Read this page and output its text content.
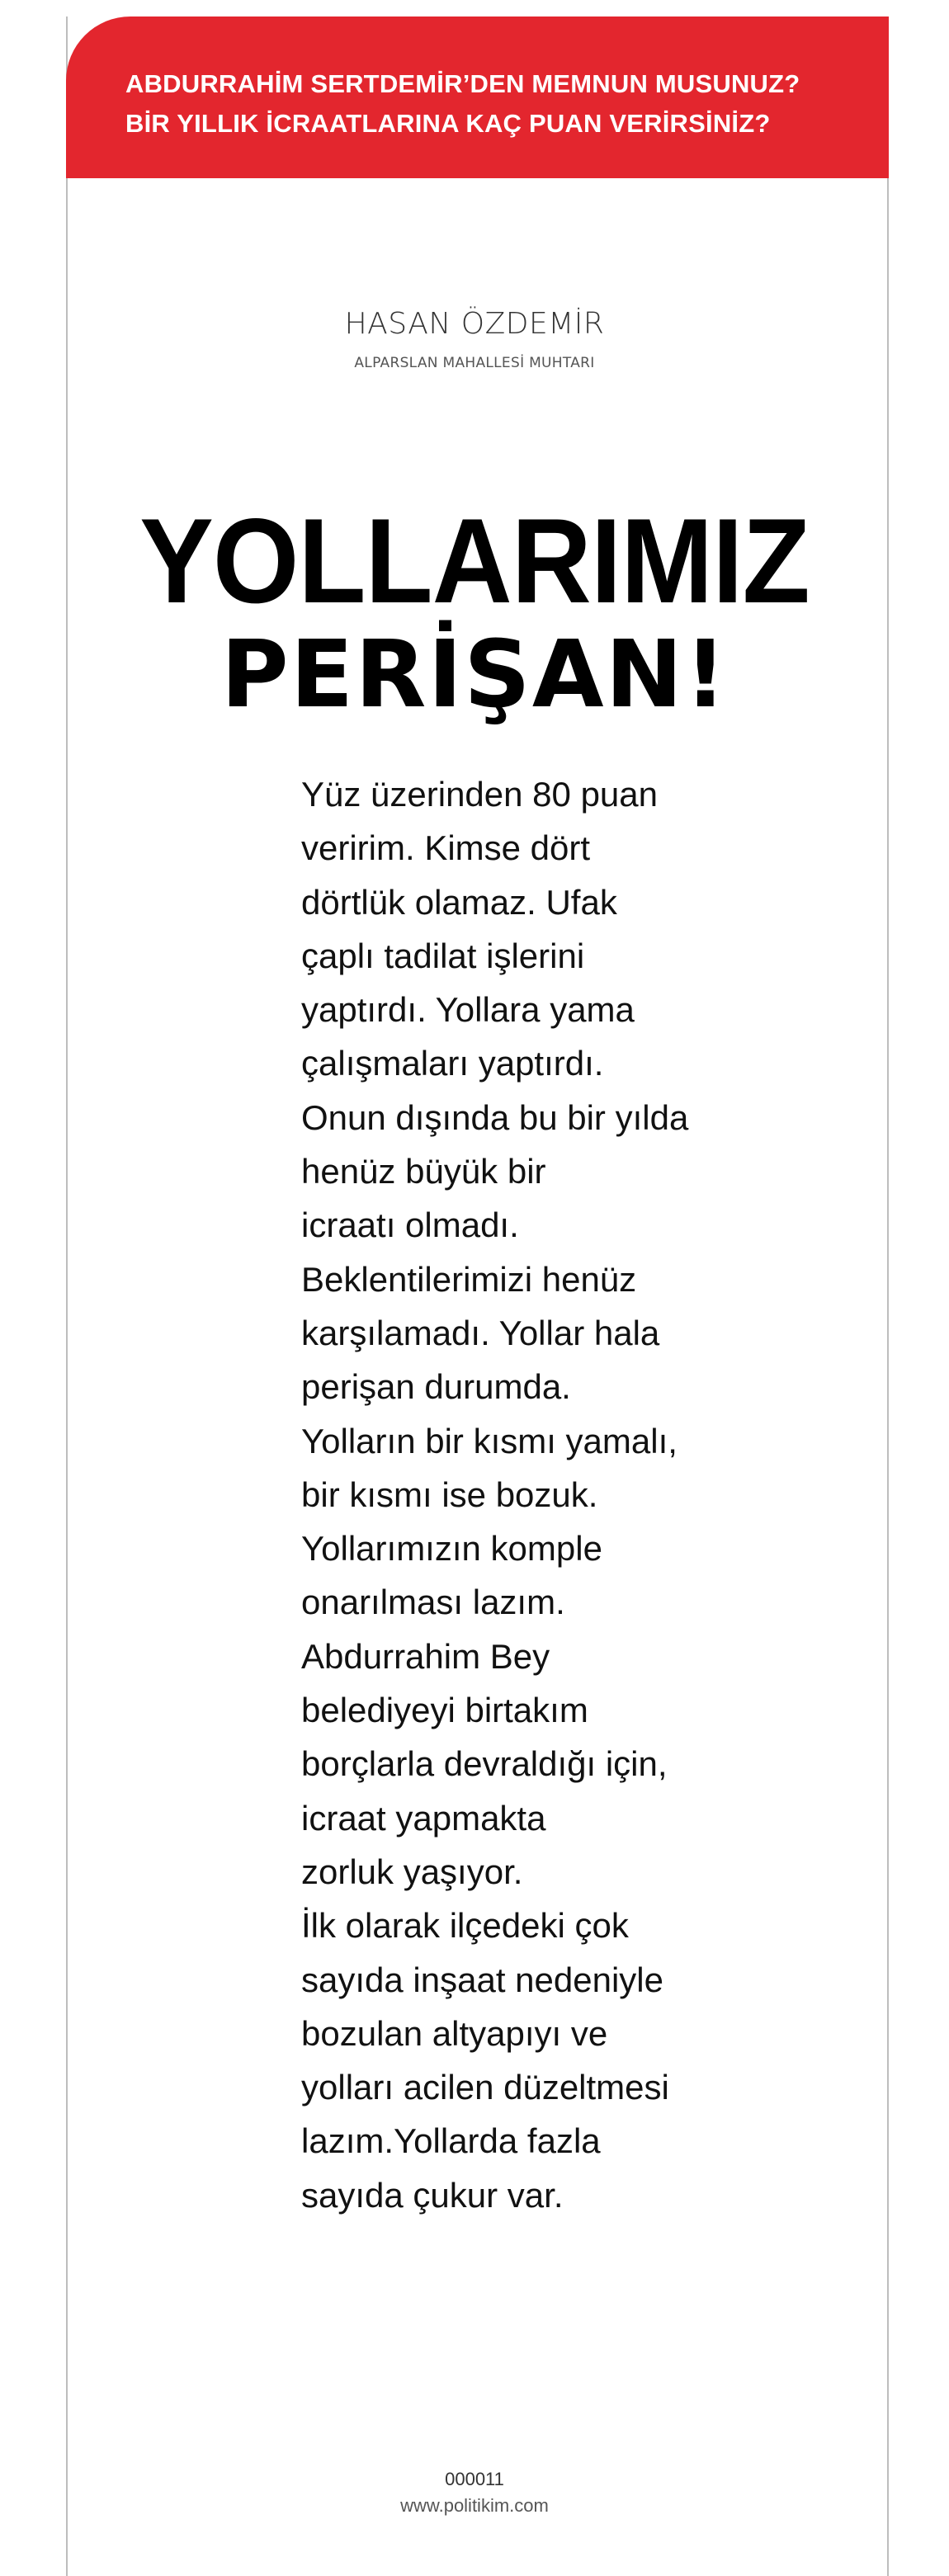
ABDURRAHİM SERTDEMİR’DEN MEMNUN MUSUNUZ?
BİR YILLIK İCRAATLARINA KAÇ PUAN VERİRSİNİZ?
HASAN ÖZDEMİR
ALPARSLAN MAHALLESİ MUHTARI
YOLLARIMIZ
PERİŞAN!
Yüz üzerinden 80 puan
veririm. Kimse dört
dörtlük olamaz. Ufak
çaplı tadilat işlerini
yaptırdı. Yollara yama
çalışmaları yaptırdı.
Onun dışında bu bir yılda
henüz büyük bir
icraatı olmadı.
Beklentilerimizi henüz
karşılamadı. Yollar hala
perişan durumda.
Yolların bir kısmı yamalı,
bir kısmı ise bozuk.
Yollarımızın komple
onarılması lazım.
Abdurrahim Bey
belediyeyi birtakım
borçlarla devraldığı için,
icraat yapmakta
zorluk yaşıyor.
İlk olarak ilçedeki çok
sayıda inşaat nedeniyle
bozulan altyapıyı ve
yolları acilen düzeltmesi
lazım.Yollarda fazla
sayıda çukur var.
000011
www.politikim.com
